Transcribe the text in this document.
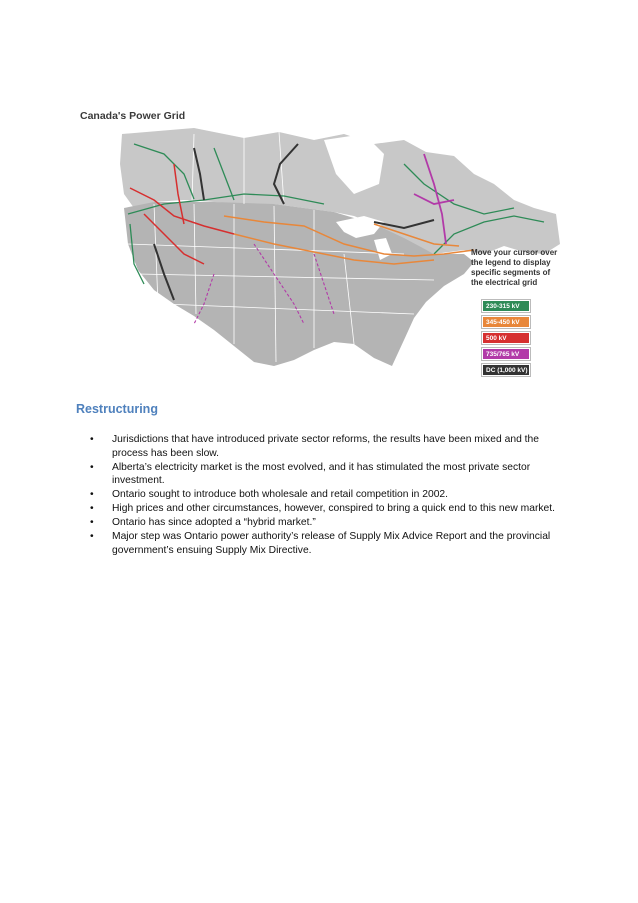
Canada's Power Grid
Move your cursor over the legend to display specific segments of the electrical grid
230-315 kV
345-450 kV
500 kV
735/765 kV
DC (1,000 kV)
Restructuring
• Jurisdictions that have introduced private sector reforms, the results have been mixed and the process has been slow.
• Alberta’s electricity market is the most evolved, and it has stimulated the most private sector investment.
• Ontario sought to introduce both wholesale and retail competition in 2002.
• High prices and other circumstances, however, conspired to bring a quick end to this new market.
• Ontario has since adopted a “hybrid market.”
• Major step was Ontario power authority’s release of Supply Mix Advice Report and the provincial government’s ensuing Supply Mix Directive.
